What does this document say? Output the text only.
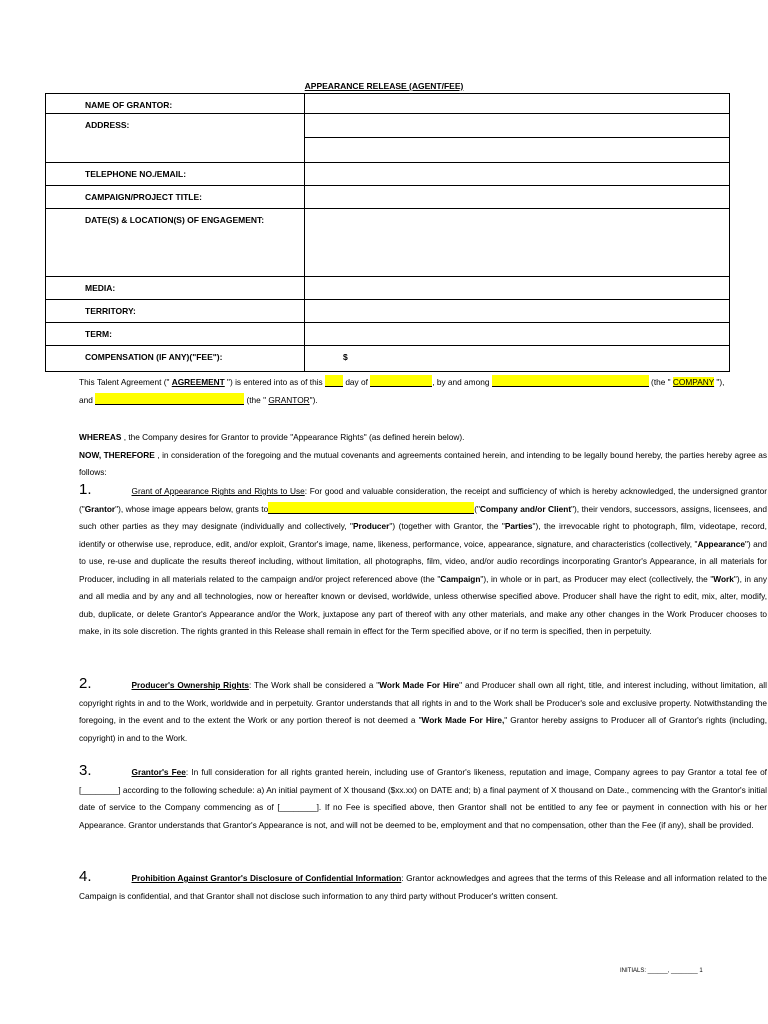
APPEARANCE RELEASE (AGENT/FEE)
NAME OF GRANTOR:	

ADDRESS:	

TELEPHONE NO./EMAIL:	

CAMPAIGN/PROJECT TITLE:	

DATE(S) & LOCATION(S) OF ENGAGEMENT:	

MEDIA:	

TERRITORY:	

TERM:	

COMPENSATION (IF ANY)("FEE"):	$

This Talent Agreement (" AGREEMENT ") is entered into as of this  day of	, by and among	(the " COMPANY "),

and	(the " GRANTOR").

WHEREAS , the Company desires for Grantor to provide "Appearance Rights" (as defined herein below).

NOW, THEREFORE , in consideration of the foregoing and the mutual covenants and agreements contained herein, and intending to be legally bound hereby, the parties hereby agree as follows:

1.	Grant of Appearance Rights and Rights to Use: For good and valuable consideration, the receipt and sufficiency of which is hereby acknowledged, the undersigned grantor ("Grantor"), whose image appears below, grants to	("Company and/or Client"), their vendors, successors, assigns, licensees, and such other parties as they may designate (individually and collectively, "Producer") (together with Grantor, the "Parties"), the irrevocable right to photograph, film, videotape, record, identify or otherwise use, reproduce, edit, and/or exploit, Grantor's image, name, likeness, performance, voice, appearance, signature, and characteristics (collectively, "Appearance") and to use, re-use and duplicate the results thereof including, without limitation, all photographs, film, video, and/or audio recordings incorporating Grantor's Appearance, in all materials for Producer, including in all materials related to the campaign and/or project referenced above (the "Campaign"), in whole or in part, as Producer may elect (collectively, the "Work"), in any and all media and by any and all technologies, now or hereafter known or devised, worldwide, unless otherwise specified above. Producer shall have the right to edit, mix, alter, modify, dub, duplicate, or delete Grantor's Appearance and/or the Work, juxtapose any part of thereof with any other materials, and make any other changes in the Work Producer chooses to make, in its sole discretion. The rights granted in this Release shall remain in effect for the Term specified above, or if no term is specified, then in perpetuity.

2.	Producer's Ownership Rights: The Work shall be considered a "Work Made For Hire" and Producer shall own all right, title, and interest including, without limitation, all copyright rights in and to the Work, worldwide and in perpetuity. Grantor understands that all rights in and to the Work shall be Producer's sole and exclusive property. Notwithstanding the foregoing, in the event and to the extent the Work or any portion thereof is not deemed a "Work Made For Hire," Grantor hereby assigns to Producer all of Grantor's rights (including, copyright) in and to the Work.

3.	Grantor's Fee: In full consideration for all rights granted herein, including use of Grantor's likeness, reputation and image, Company agrees to pay Grantor a total fee of [________] according to the following schedule: a) An initial payment of X thousand ($xx.xx) on DATE and; b) a final payment of X thousand on Date., commencing with the Grantor's initial date of service to the Company commencing as of [________]. If no Fee is specified above, then Grantor shall not be entitled to any fee or payment in connection with his or her Appearance. Grantor understands that Grantor's Appearance is not, and will not be deemed to be, employment and that no compensation, other than the Fee (if any), shall be provided.

4.	Prohibition Against Grantor's Disclosure of Confidential Information: Grantor acknowledges and agrees that the terms of this Release and all information related to the Campaign is confidential, and that Grantor shall not disclose such information to any third party without Producer's written consent.

INITIALS: ______, ________ 1
